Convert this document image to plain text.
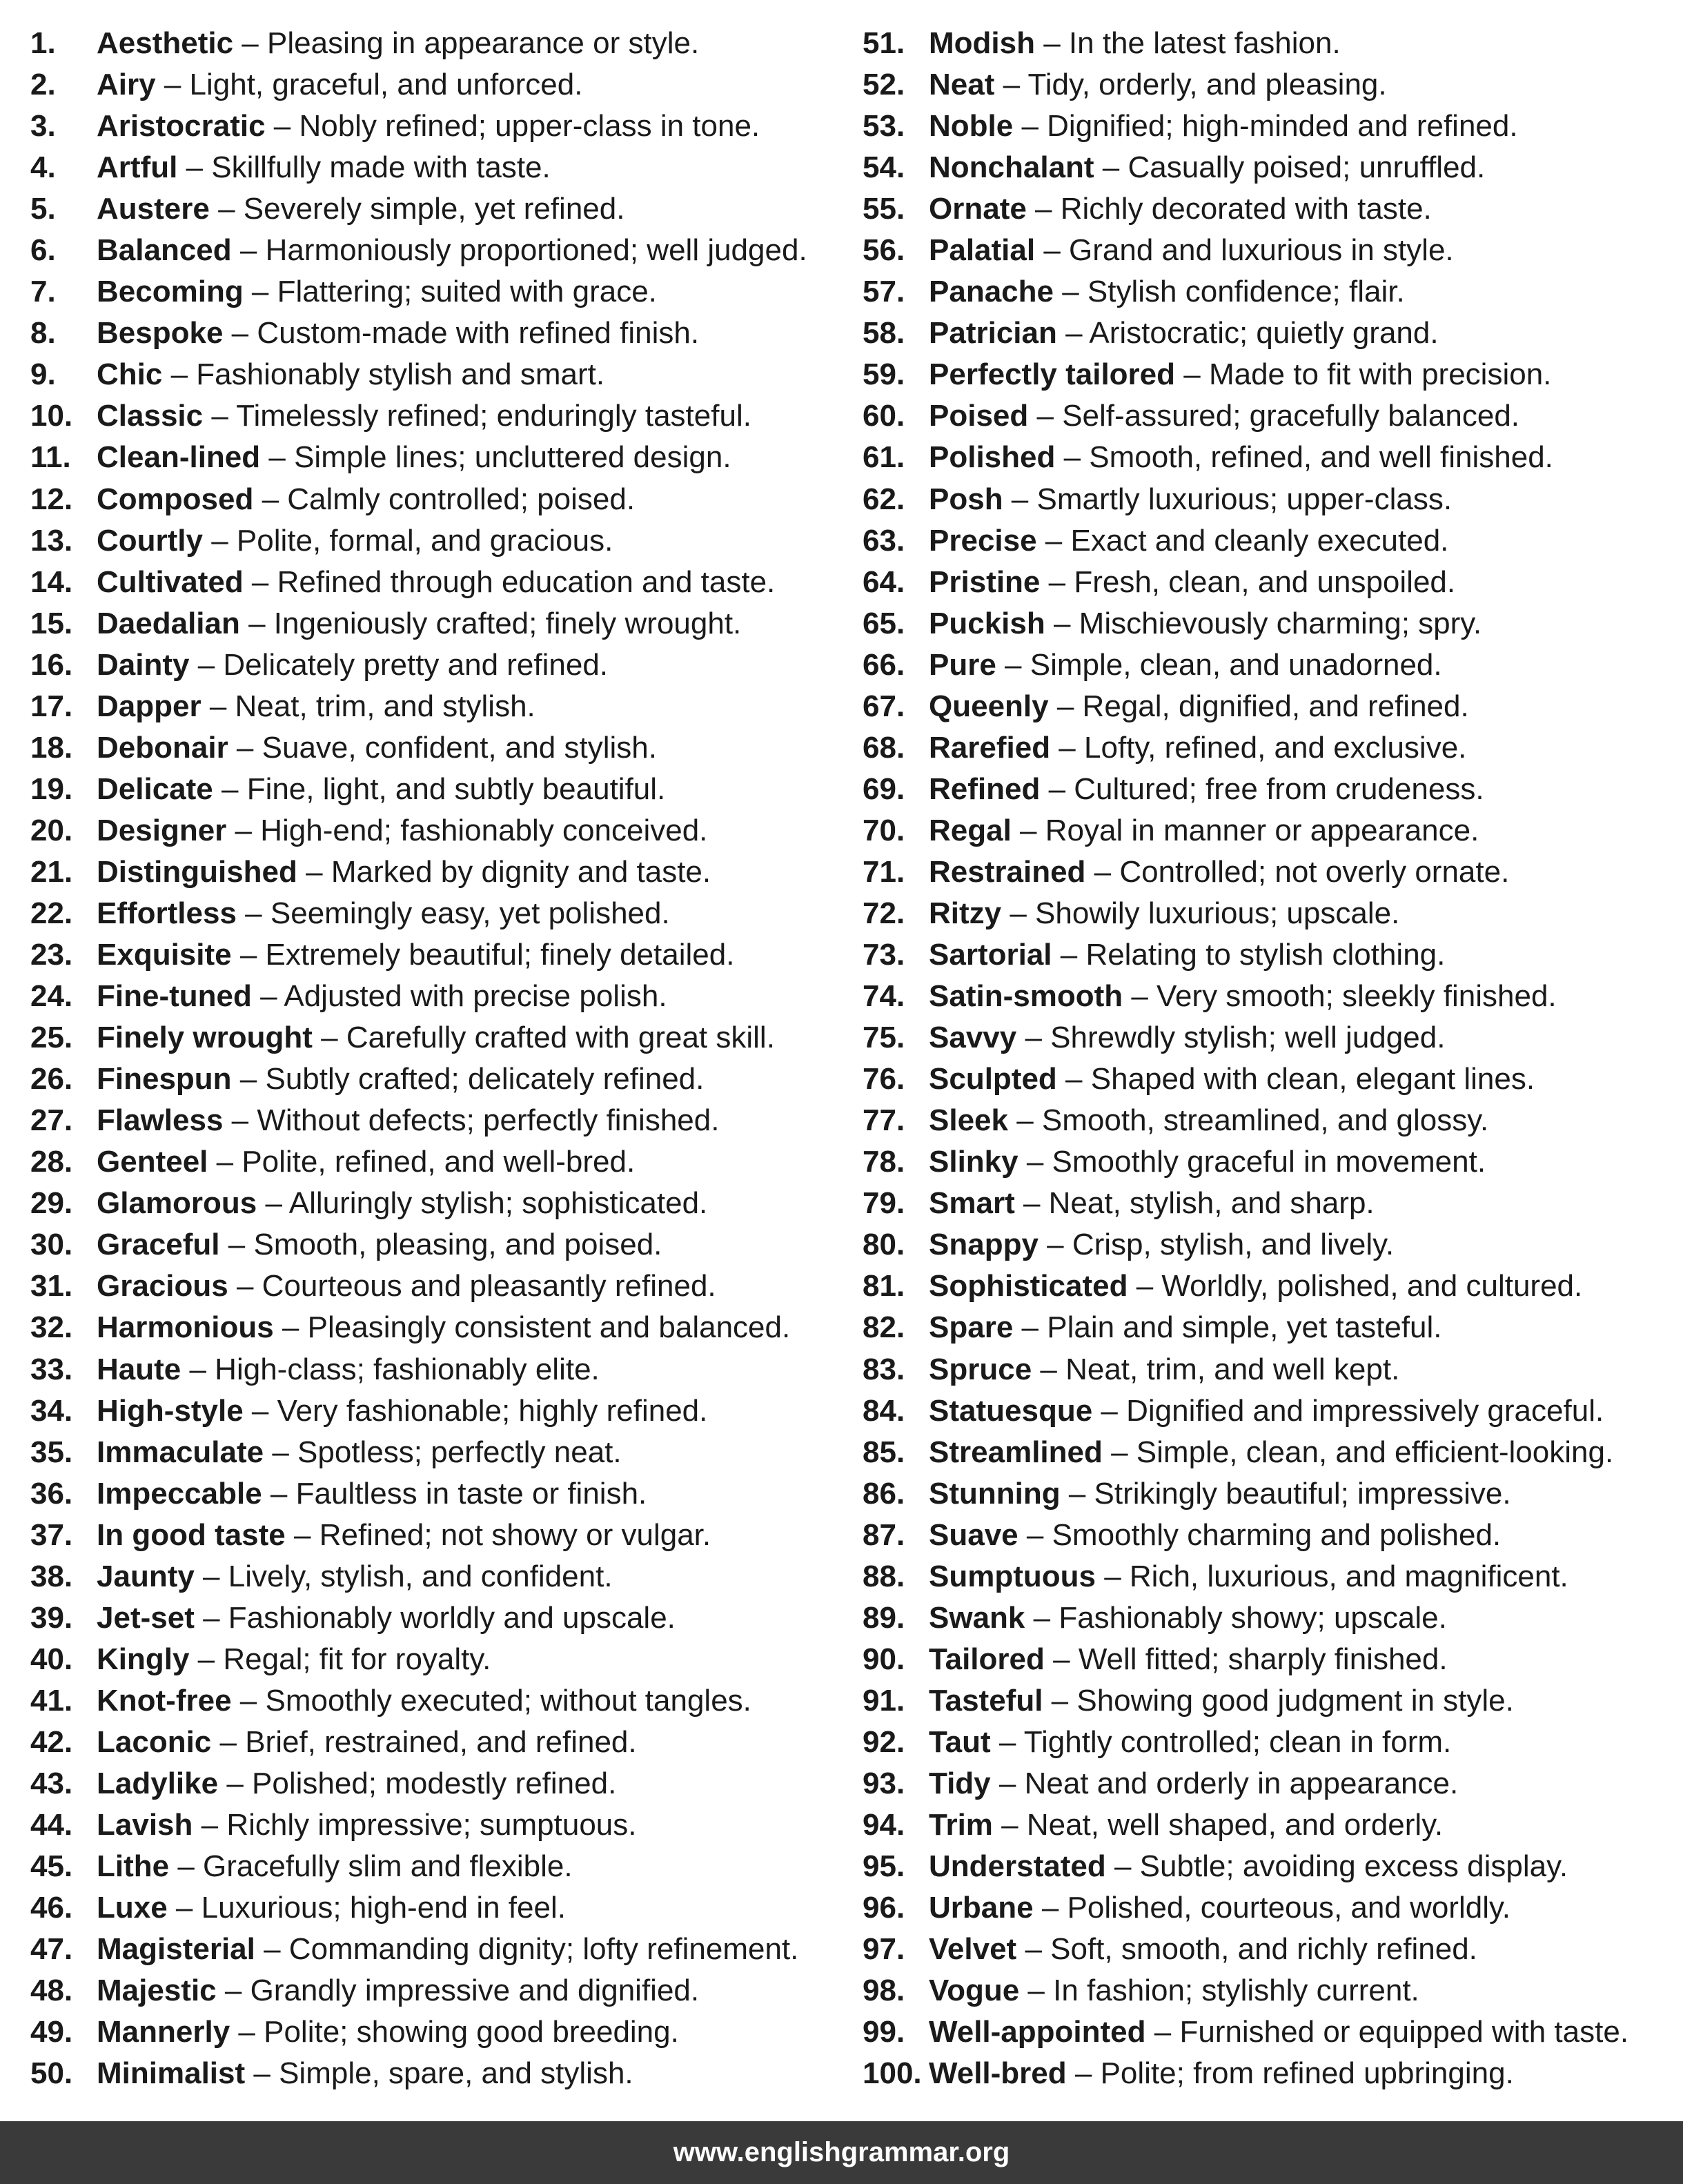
1.	Aesthetic – Pleasing in appearance or style.
2.	Airy – Light, graceful, and unforced.
3.	Aristocratic – Nobly refined; upper-class in tone.
4.	Artful – Skillfully made with taste.
5.	Austere – Severely simple, yet refined.
6.	Balanced – Harmoniously proportioned; well judged.
7.	Becoming – Flattering; suited with grace.
8.	Bespoke – Custom-made with refined finish.
9.	Chic – Fashionably stylish and smart.
10. Classic – Timelessly refined; enduringly tasteful.
11. Clean-lined – Simple lines; uncluttered design.
12. Composed – Calmly controlled; poised.
13. Courtly – Polite, formal, and gracious.
14. Cultivated – Refined through education and taste.
15. Daedalian – Ingeniously crafted; finely wrought.
16. Dainty – Delicately pretty and refined.
17. Dapper – Neat, trim, and stylish.
18. Debonair – Suave, confident, and stylish.
19. Delicate – Fine, light, and subtly beautiful.
20. Designer – High-end; fashionably conceived.
21. Distinguished – Marked by dignity and taste.
22. Effortless – Seemingly easy, yet polished.
23. Exquisite – Extremely beautiful; finely detailed.
24. Fine-tuned – Adjusted with precise polish.
25. Finely wrought – Carefully crafted with great skill.
26. Finespun – Subtly crafted; delicately refined.
27. Flawless – Without defects; perfectly finished.
28. Genteel – Polite, refined, and well-bred.
29. Glamorous – Alluringly stylish; sophisticated.
30. Graceful – Smooth, pleasing, and poised.
31. Gracious – Courteous and pleasantly refined.
32. Harmonious – Pleasingly consistent and balanced.
33. Haute – High-class; fashionably elite.
34. High-style – Very fashionable; highly refined.
35. Immaculate – Spotless; perfectly neat.
36. Impeccable – Faultless in taste or finish.
37. In good taste – Refined; not showy or vulgar.
38. Jaunty – Lively, stylish, and confident.
39. Jet-set – Fashionably worldly and upscale.
40. Kingly – Regal; fit for royalty.
41. Knot-free – Smoothly executed; without tangles.
42. Laconic – Brief, restrained, and refined.
43. Ladylike – Polished; modestly refined.
44. Lavish – Richly impressive; sumptuous.
45. Lithe – Gracefully slim and flexible.
46. Luxe – Luxurious; high-end in feel.
47. Magisterial – Commanding dignity; lofty refinement.
48. Majestic – Grandly impressive and dignified.
49. Mannerly – Polite; showing good breeding.
50. Minimalist – Simple, spare, and stylish.
51. Modish – In the latest fashion.
52. Neat – Tidy, orderly, and pleasing.
53. Noble – Dignified; high-minded and refined.
54. Nonchalant – Casually poised; unruffled.
55. Ornate – Richly decorated with taste.
56. Palatial – Grand and luxurious in style.
57. Panache – Stylish confidence; flair.
58. Patrician – Aristocratic; quietly grand.
59. Perfectly tailored – Made to fit with precision.
60. Poised – Self-assured; gracefully balanced.
61. Polished – Smooth, refined, and well finished.
62. Posh – Smartly luxurious; upper-class.
63. Precise – Exact and cleanly executed.
64. Pristine – Fresh, clean, and unspoiled.
65. Puckish – Mischievously charming; spry.
66. Pure – Simple, clean, and unadorned.
67. Queenly – Regal, dignified, and refined.
68. Rarefied – Lofty, refined, and exclusive.
69. Refined – Cultured; free from crudeness.
70. Regal – Royal in manner or appearance.
71. Restrained – Controlled; not overly ornate.
72. Ritzy – Showily luxurious; upscale.
73. Sartorial – Relating to stylish clothing.
74. Satin-smooth – Very smooth; sleekly finished.
75. Savvy – Shrewdly stylish; well judged.
76. Sculpted – Shaped with clean, elegant lines.
77. Sleek – Smooth, streamlined, and glossy.
78. Slinky – Smoothly graceful in movement.
79. Smart – Neat, stylish, and sharp.
80. Snappy – Crisp, stylish, and lively.
81. Sophisticated – Worldly, polished, and cultured.
82. Spare – Plain and simple, yet tasteful.
83. Spruce – Neat, trim, and well kept.
84. Statuesque – Dignified and impressively graceful.
85. Streamlined – Simple, clean, and efficient-looking.
86. Stunning – Strikingly beautiful; impressive.
87. Suave – Smoothly charming and polished.
88. Sumptuous – Rich, luxurious, and magnificent.
89. Swank – Fashionably showy; upscale.
90. Tailored – Well fitted; sharply finished.
91. Tasteful – Showing good judgment in style.
92. Taut – Tightly controlled; clean in form.
93. Tidy – Neat and orderly in appearance.
94. Trim – Neat, well shaped, and orderly.
95. Understated – Subtle; avoiding excess display.
96. Urbane – Polished, courteous, and worldly.
97. Velvet – Soft, smooth, and richly refined.
98. Vogue – In fashion; stylishly current.
99. Well-appointed – Furnished or equipped with taste.
100. Well-bred – Polite; from refined upbringing.
www.englishgrammar.org
